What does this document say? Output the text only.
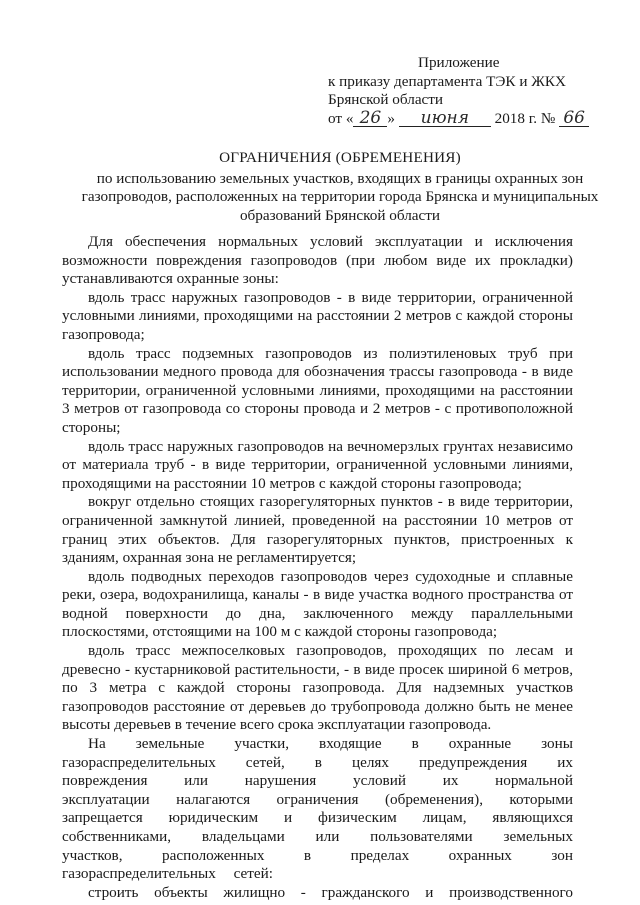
Приложение
к приказу департамента ТЭК и ЖКХ
Брянской области
от « 26 » июня 2018 г. № 66
ОГРАНИЧЕНИЯ (ОБРЕМЕНЕНИЯ)
по использованию земельных участков, входящих в границы охранных зон газопроводов, расположенных на территории города Брянска и муниципальных образований Брянской области

Для обеспечения нормальных условий эксплуатации и исключения возможности повреждения газопроводов (при любом виде их прокладки) устанавливаются охранные зоны:

вдоль трасс наружных газопроводов - в виде территории, ограниченной условными линиями, проходящими на расстоянии 2 метров с каждой стороны газопровода;

вдоль трасс подземных газопроводов из полиэтиленовых труб при использовании медного провода для обозначения трассы газопровода - в виде территории, ограниченной условными линиями, проходящими на расстоянии 3 метров от газопровода со стороны провода и 2 метров - с противоположной стороны;

вдоль трасс наружных газопроводов на вечномерзлых грунтах независимо от материала труб - в виде территории, ограниченной условными линиями, проходящими на расстоянии 10 метров с каждой стороны газопровода;

вокруг отдельно стоящих газорегуляторных пунктов - в виде территории, ограниченной замкнутой линией, проведенной на расстоянии 10 метров от границ этих объектов. Для газорегуляторных пунктов, пристроенных к зданиям, охранная зона не регламентируется;

вдоль подводных переходов газопроводов через судоходные и сплавные реки, озера, водохранилища, каналы - в виде участка водного пространства от водной поверхности до дна, заключенного между параллельными плоскостями, отстоящими на 100 м с каждой стороны газопровода;

вдоль трасс межпоселковых газопроводов, проходящих по лесам и древесно - кустарниковой растительности, - в виде просек шириной 6 метров, по 3 метра с каждой стороны газопровода. Для надземных участков газопроводов расстояние от деревьев до трубопровода должно быть не менее высоты деревьев в течение всего срока эксплуатации газопровода.

На земельные участки, входящие в охранные зоны газораспределительных сетей, в целях предупреждения их повреждения или нарушения условий их нормальной эксплуатации налагаются ограничения (обременения), которыми запрещается юридическим и физическим лицам, являющихся собственниками, владельцами или пользователями земельных участков, расположенных в пределах охранных зон газораспределительных сетей:

строить объекты жилищно - гражданского и производственного
